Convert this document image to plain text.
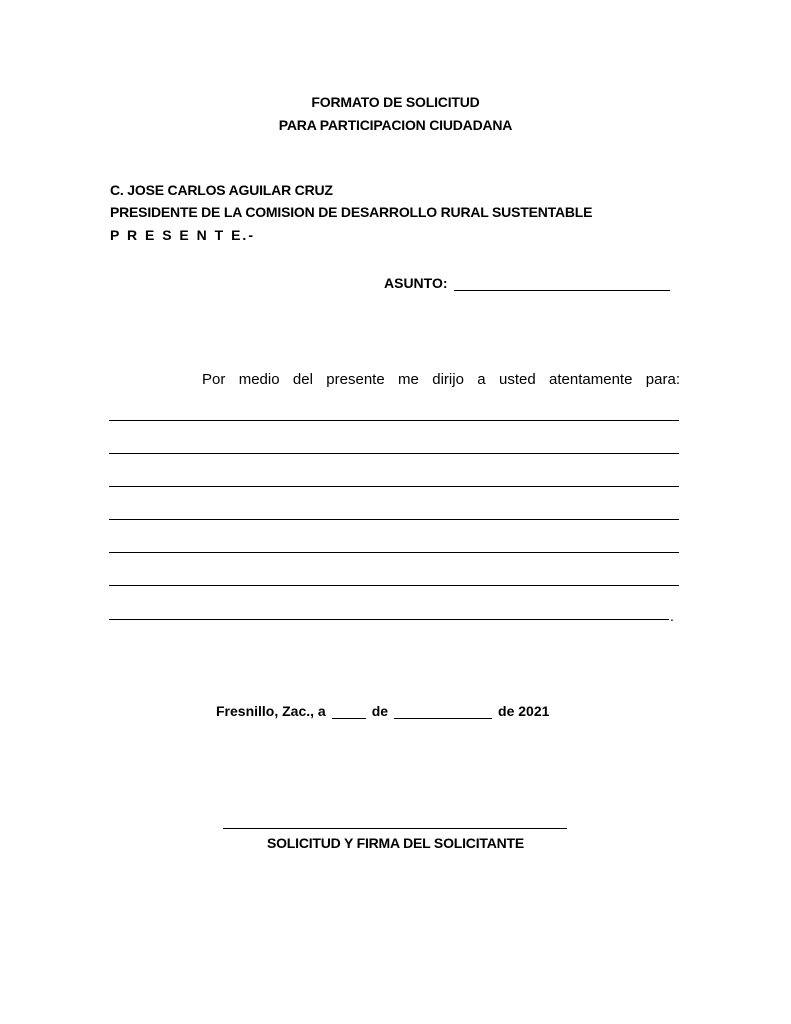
FORMATO DE SOLICITUD
PARA PARTICIPACION CIUDADANA
C. JOSE CARLOS AGUILAR CRUZ
PRESIDENTE DE LA COMISION DE DESARROLLO RURAL SUSTENTABLE
P R E S E N T E.-
ASUNTO:
Por medio del presente me dirijo a usted atentamente para:
.
Fresnillo, Zac., a	de	de 2021
SOLICITUD Y FIRMA DEL SOLICITANTE
